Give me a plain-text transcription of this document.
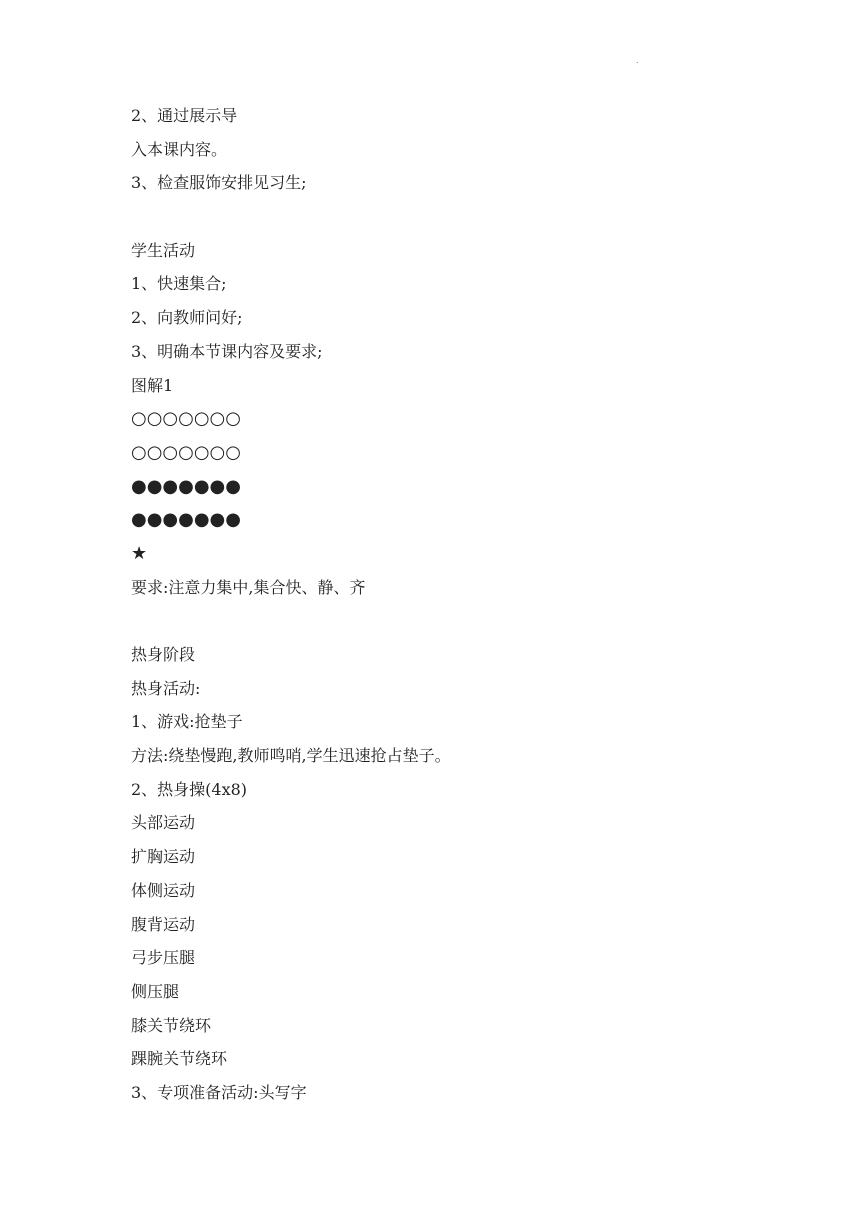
.
2、通过展示导
入本课内容。
3、检查服饰安排见习生;
学生活动
1、快速集合;
2、向教师问好;
3、明确本节课内容及要求;
图解1
○○○○○○○
○○○○○○○
●●●●●●●
●●●●●●●
★
要求:注意力集中,集合快、静、齐
热身阶段
热身活动:
1、游戏:抢垫子
方法:绕垫慢跑,教师鸣哨,学生迅速抢占垫子。
2、热身操(4x8)
头部运动
扩胸运动
体侧运动
腹背运动
弓步压腿
侧压腿
膝关节绕环
踝腕关节绕环
3、专项准备活动:头写字
